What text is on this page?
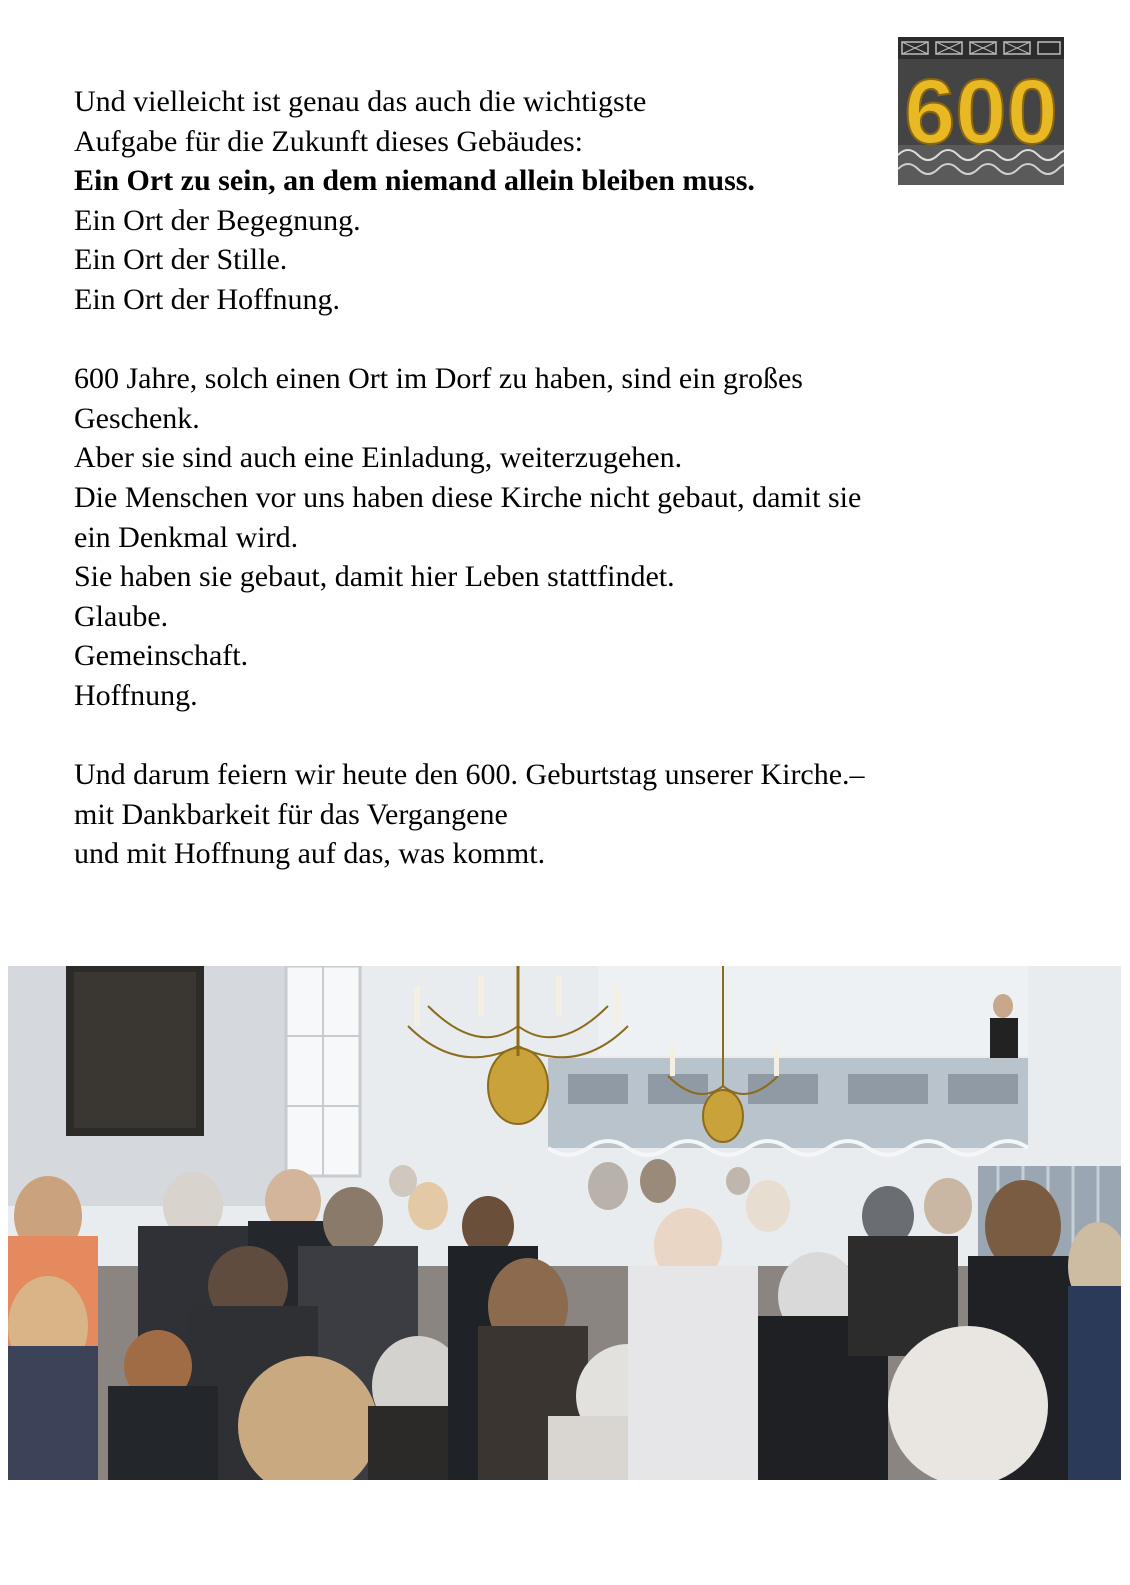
Und vielleicht ist genau das auch die wichtigste
Aufgabe für die Zukunft dieses Gebäudes:
Ein Ort zu sein, an dem niemand allein bleiben muss.
Ein Ort der Begegnung.
Ein Ort der Stille.
Ein Ort der Hoffnung.
600 Jahre, solch einen Ort im Dorf zu haben, sind ein großes
Geschenk.
Aber sie sind auch eine Einladung, weiterzugehen.
Die Menschen vor uns haben diese Kirche nicht gebaut, damit sie
ein Denkmal wird.
Sie haben sie gebaut, damit hier Leben stattfindet.
Glaube.
Gemeinschaft.
Hoffnung.
Und darum feiern wir heute den 600. Geburtstag unserer Kirche.–
mit Dankbarkeit für das Vergangene
und mit Hoffnung auf das, was kommt.
600
